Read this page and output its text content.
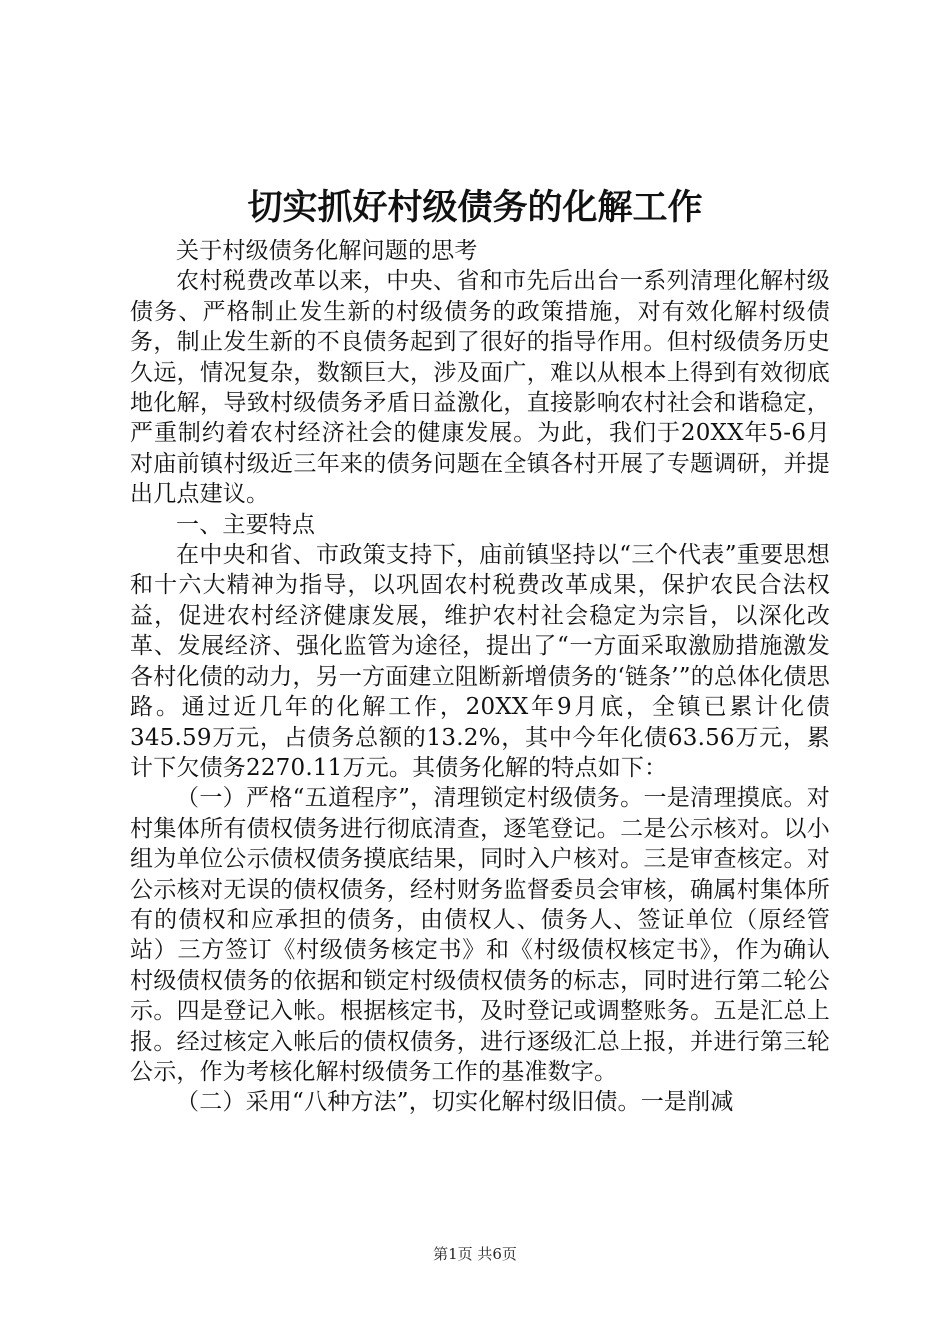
切实抓好村级债务的化解工作

关于村级债务化解问题的思考

农村税费改革以来，中央、省和市先后出台一系列清理化解村级债务、严格制止发生新的村级债务的政策措施，对有效化解村级债务，制止发生新的不良债务起到了很好的指导作用。但村级债务历史久远，情况复杂，数额巨大，涉及面广，难以从根本上得到有效彻底地化解，导致村级债务矛盾日益激化，直接影响农村社会和谐稳定，严重制约着农村经济社会的健康发展。为此，我们于20XX年5-6月对庙前镇村级近三年来的债务问题在全镇各村开展了专题调研，并提出几点建议。

一、主要特点

在中央和省、市政策支持下，庙前镇坚持以“三个代表”重要思想和十六大精神为指导，以巩固农村税费改革成果，保护农民合法权益，促进农村经济健康发展，维护农村社会稳定为宗旨，以深化改革、发展经济、强化监管为途径，提出了“一方面采取激励措施激发各村化债的动力，另一方面建立阻断新增债务的‘链条’”的总体化债思路。通过近几年的化解工作，20XX年9月底，全镇已累计化债345.59万元，占债务总额的13.2%，其中今年化债63.56万元，累计下欠债务2270.11万元。其债务化解的特点如下：

（一）严格“五道程序”，清理锁定村级债务。一是清理摸底。对村集体所有债权债务进行彻底清查，逐笔登记。二是公示核对。以小组为单位公示债权债务摸底结果，同时入户核对。三是审查核定。对公示核对无误的债权债务，经村财务监督委员会审核，确属村集体所有的债权和应承担的债务，由债权人、债务人、签证单位（原经管站）三方签订《村级债务核定书》和《村级债权核定书》，作为确认村级债权债务的依据和锁定村级债权债务的标志，同时进行第二轮公示。四是登记入帐。根据核定书，及时登记或调整账务。五是汇总上报。经过核定入帐后的债权债务，进行逐级汇总上报，并进行第三轮公示，作为考核化解村级债务工作的基准数字。

（二）采用“八种方法”，切实化解村级旧债。一是削减

第1页 共6页
